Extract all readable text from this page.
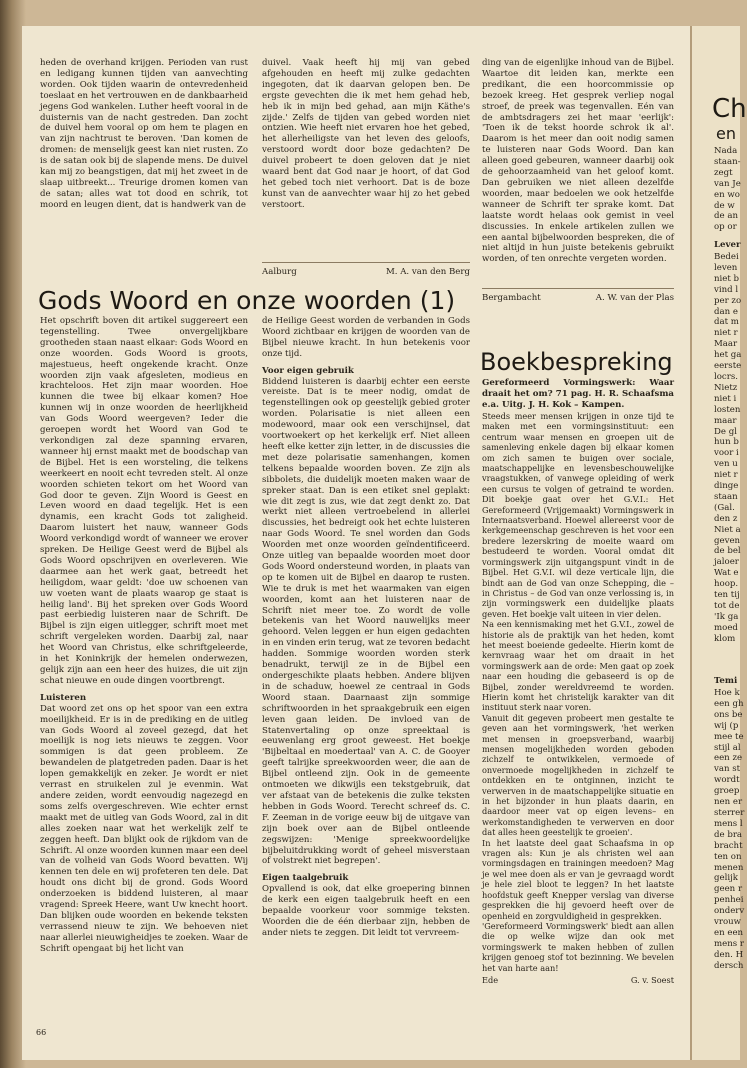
heden de overhand krijgen. Perioden van rust en ledigang kunnen tijden van aanvechting worden. Ook tijden waarin de ontevredenheid toeslaat en het vertrouwen en de dankbaarheid jegens God wankelen. Luther heeft vooral in de duisternis van de nacht gestreden. Dan zocht de duivel hem vooral op om hem te plagen en van zijn nachtrust te beroven. 'Dan komen de dromen: de menselijk geest kan niet rusten. Zo is de satan ook bij de slapende mens. De duivel kan mij zo beangstigen, dat mij het zweet in de slaap uitbreekt... Treurige dromen komen van de satan; alles wat tot dood en schrik, tot moord en leugen dient, dat is handwerk van de

duivel. Vaak heeft hij mij van gebed afgehouden en heeft mij zulke gedachten ingegoten, dat ik daarvan gelopen ben. De ergste gevechten die ik met hem gehad heb, heb ik in mijn bed gehad, aan mijn Käthe's zijde.' Zelfs de tijden van gebed worden niet ontzien. Wie heeft niet ervaren hoe het gebed, het allerheiligste van het leven des geloofs, verstoord wordt door boze gedachten? De duivel probeert te doen geloven dat je niet waard bent dat God naar je hoort, of dat God het gebed toch niet verhoort. Dat is de boze kunst van de aanvechter waar hij zo het gebed verstoort.

Aalburg	M. A. van den Berg

ding van de eigenlijke inhoud van de Bijbel. Waartoe dit leiden kan, merkte een predikant, die een hoorcommissie op bezoek kreeg. Het gesprek verliep nogal stroef, de preek was tegenvallen. Eén van de ambtsdragers zei het maar 'eerlijk': 'Toen ik de tekst hoorde schrok ik al'. Daarom is het meer dan ooit nodig samen te luisteren naar Gods Woord. Dan kan alleen goed gebeuren, wanneer daarbij ook de gehoorzaamheid van het geloof komt. Dan gebruiken we niet alleen dezelfde woorden, maar bedoelen we ook hetzelfde wanneer de Schrift ter sprake komt. Dat laatste wordt helaas ook gemist in veel discussies. In enkele artikelen zullen we een aantal bijbelwoorden bespreken, die of niet altijd in hun juiste betekenis gebruikt worden, of ten onrechte vergeten worden.

Bergambacht	A. W. van der Plas
Gods Woord en onze woorden (1)

Het opschrift boven dit artikel suggereert een tegenstelling. Twee onvergelijkbare grootheden staan naast elkaar: Gods Woord en onze woorden. Gods Woord is groots, majestueus, heeft ongekende kracht. Onze woorden zijn vaak afgesleten, modieus en krachteloos. Het zijn maar woorden. Hoe kunnen die twee bij elkaar komen? Hoe kunnen wij in onze woorden de heerlijkheid van Gods Woord weergeven? Ieder die geroepen wordt het Woord van God te verkondigen zal deze spanning ervaren, wanneer hij ernst maakt met de boodschap van de Bijbel. Het is een worsteling, die telkens weerkeert en nooit echt tevreden stelt. Al onze woorden schieten tekort om het Woord van God door te geven. Zijn Woord is Geest en Leven woord en daad tegelijk. Het is een dynamis, een kracht Gods tot zaligheid. Daarom luistert het nauw, wanneer Gods Woord verkondigd wordt of wanneer we erover spreken. De Heilige Geest werd de Bijbel als Gods Woord opschrijven en overleveren. Wie daarmee aan het werk gaat, betreedt het heiligdom, waar geldt: 'doe uw schoenen van uw voeten want de plaats waarop ge staat is heilig land'. Bij het spreken over Gods Woord past eerbiedig luisteren naar de Schrift. De Bijbel is zijn eigen uitlegger, schrift moet met schrift vergeleken worden. Daarbij zal, naar het Woord van Christus, elke schriftgeleerde, in het Koninkrijk der hemelen onderwezen, gelijk zijn aan een heer des huizes, die uit zijn schat nieuwe en oude dingen voortbrengt.

Luisteren

Dat woord zet ons op het spoor van een extra moeilijkheid. Er is in de prediking en de uitleg van Gods Woord al zoveel gezegd, dat het moeilijk is nog iets nieuws te zeggen. Voor sommigen is dat geen probleem. Ze bewandelen de platgetreden paden. Daar is het lopen gemakkelijk en zeker. Je wordt er niet verrast en struikelen zul je evenmin. Wat andere zeiden, wordt eenvoudig nagezegd en soms zelfs overgeschreven. Wie echter ernst maakt met de uitleg van Gods Woord, zal in dit alles zoeken naar wat het werkelijk zelf te zeggen heeft. Dan blijkt ook de rijkdom van de Schrift. Al onze woorden kunnen maar een deel van de volheid van Gods Woord bevatten. Wij kennen ten dele en wij profeteren ten dele. Dat houdt ons dicht bij de grond. Gods Woord onderzoeken is biddend luisteren, al maar vragend: Spreek Heere, want Uw knecht hoort. Dan blijken oude woorden en bekende teksten verrassend nieuw te zijn. We behoeven niet naar allerlei nieuwigheidjes te zoeken. Waar de Schrift opengaat bij het licht van

de Heilige Geest worden de verbanden in Gods Woord zichtbaar en krijgen de woorden van de Bijbel nieuwe kracht. In hun betekenis voor onze tijd.

Voor eigen gebruik

Biddend luisteren is daarbij echter een eerste vereiste. Dat is te meer nodig, omdat de tegenstellingen ook op geestelijk gebied groter worden. Polarisatie is niet alleen een modewoord, maar ook een verschijnsel, dat voortwoekert op het kerkelijk erf. Niet alleen heeft elke ketter zijn letter, in de discussies die met deze polarisatie samenhangen, komen telkens bepaalde woorden boven. Ze zijn als sibbolets, die duidelijk moeten maken waar de spreker staat. Dan is een etiket snel geplakt: wie dit zegt is zus, wie dat zegt denkt zo. Dat werkt niet alleen vertroebelend in allerlei discussies, het bedreigt ook het echte luisteren naar Gods Woord. Te snel worden dan Gods Woorden met onze woorden geïndentificeerd. Onze uitleg van bepaalde woorden moet door Gods Woord ondersteund worden, in plaats van op te komen uit de Bijbel en daarop te rusten. Wie te druk is met het waarmaken van eigen woorden, komt aan het luisteren naar de Schrift niet meer toe. Zo wordt de volle betekenis van het Woord nauwelijks meer gehoord. Velen leggen er hun eigen gedachten in en vinden erin terug, wat ze tevoren bedacht hadden. Sommige woorden worden sterk benadrukt, terwijl ze in de Bijbel een ondergeschikte plaats hebben. Andere blijven in de schaduw, hoewel ze centraal in Gods Woord staan. Daarnaast zijn sommige schriftwoorden in het spraakgebruik een eigen leven gaan leiden. De invloed van de Statenvertaling op onze spreektaal is eeuwenlang erg groot geweest. Het boekje 'Bijbeltaal en moedertaal' van A. C. de Gooyer geeft talrijke spreekwoorden weer, die aan de Bijbel ontleend zijn. Ook in de gemeente ontmoeten we dikwijls een tekstgebruik, dat ver afstaat van de betekenis die zulke teksten hebben in Gods Woord. Terecht schreef ds. C. F. Zeeman in de vorige eeuw bij de uitgave van zijn boek over aan de Bijbel ontleende zegswijzen: 'Menige spreekwoordelijke bijbeluitdrukking wordt of geheel misverstaan of volstrekt niet begrepen'.

Eigen taalgebruik

Opvallend is ook, dat elke groepering binnen de kerk een eigen taalgebruik heeft en een bepaalde voorkeur voor sommige teksten. Woorden die de één dierbaar zijn, hebben de ander niets te zeggen. Dit leidt tot vervreem-

Boekbespreking

Gereformeerd Vormingswerk: Waar draait het om? 71 pag. H. R. Schaafsma e.a. Uitg. J. H. Kok – Kampen.

Steeds meer mensen krijgen in onze tijd te maken met een vormingsinstituut: een centrum waar mensen en groepen uit de samenleving enkele dagen bij elkaar komen om zich samen te buigen over sociale, maatschappelijke en levensbeschouwelijke vraagstukken, of vanwege opleiding of werk een cursus te volgen of getraind te worden. Dit boekje gaat over het G.V.I.: Het Gereformeerd (Vrijgemaakt) Vormingswerk in Internaatsverband. Hoewel allereerst voor de kerkgemeenschap geschreven is het voor een bredere lezerskring de moeite waard om bestudeerd te worden. Vooral omdat dit vormingswerk zijn uitgangspunt vindt in de Bijbel. Het G.V.I. wil deze verticale lijn, die bindt aan de God van onze Schepping, die – in Christus – de God van onze verlossing is, in zijn vormingswerk een duidelijke plaats geven. Het boekje valt uiteen in vier delen.

Na een kennismaking met het G.V.I., zowel de historie als de praktijk van het heden, komt het meest boeiende gedeelte. Hierin komt de kernvraag waar het om draait in het vormingswerk aan de orde: Men gaat op zoek naar een houding die gebaseerd is op de Bijbel, zonder wereldvreemd te worden. Hierin komt het christelijk karakter van dit instituut sterk naar voren.

Vanuit dit gegeven probeert men gestalte te geven aan het vormingswerk, 'het werken met mensen in groepsverband, waarbij mensen mogelijkheden worden geboden zichzelf te ontwikkelen, vermoede of onvermoede mogelijkheden in zichzelf te ontdekken en te ontginnen, inzicht te verwerven in de maatschappelijke situatie en in het bijzonder in hun plaats daarin, en daardoor meer vat op eigen levens– en werkomstandigheden te verwerven en door dat alles heen geestelijk te groeien'.

In het laatste deel gaat Schaafsma in op vragen als: Kun je als christen wel aan vormingsdagen en trainingen meedoen? Mag je wel mee doen als er van je gevraagd wordt je hele ziel bloot te leggen? In het laatste hoofdstuk geeft Knepper verslag van diverse gesprekken die hij gevoerd heeft over de openheid en zorgvuldigheid in gesprekken.

'Gereformeerd Vormingswerk' biedt aan allen die op welke wijze dan ook met vormingswerk te maken hebben of zullen krijgen genoeg stof tot bezinning. We bevelen het van harte aan!

Ede	G. v. Soest
66
Ch
en
Nada
staan-
zegt
van Je
en wo
de w
de an
op or
Lever
Bedei
leven
niet b
vind l
per zo
dan e
dat m
niet r
Maar
het ga
eerste
locrs.
Nietz
niet i
losten
maar
De gl
hun b
voor i
ven u
niet r
dinge
staan
(Gal.
den z
Niet a
geven
de bel
jaloer
Wat e
hoop.
ten tij
tot de
'Ik ga
moed
klom
Temi
Hoe k
een gh
ons be
wij (p
mee te
stijl al
een ze
van st
wordt
groep
nen er
sterrer
mens l
de bra
bracht
ten on
menen
gelijk
geen r
penhei
onderv
vrouw
en een
mens r
den. H
dersch
